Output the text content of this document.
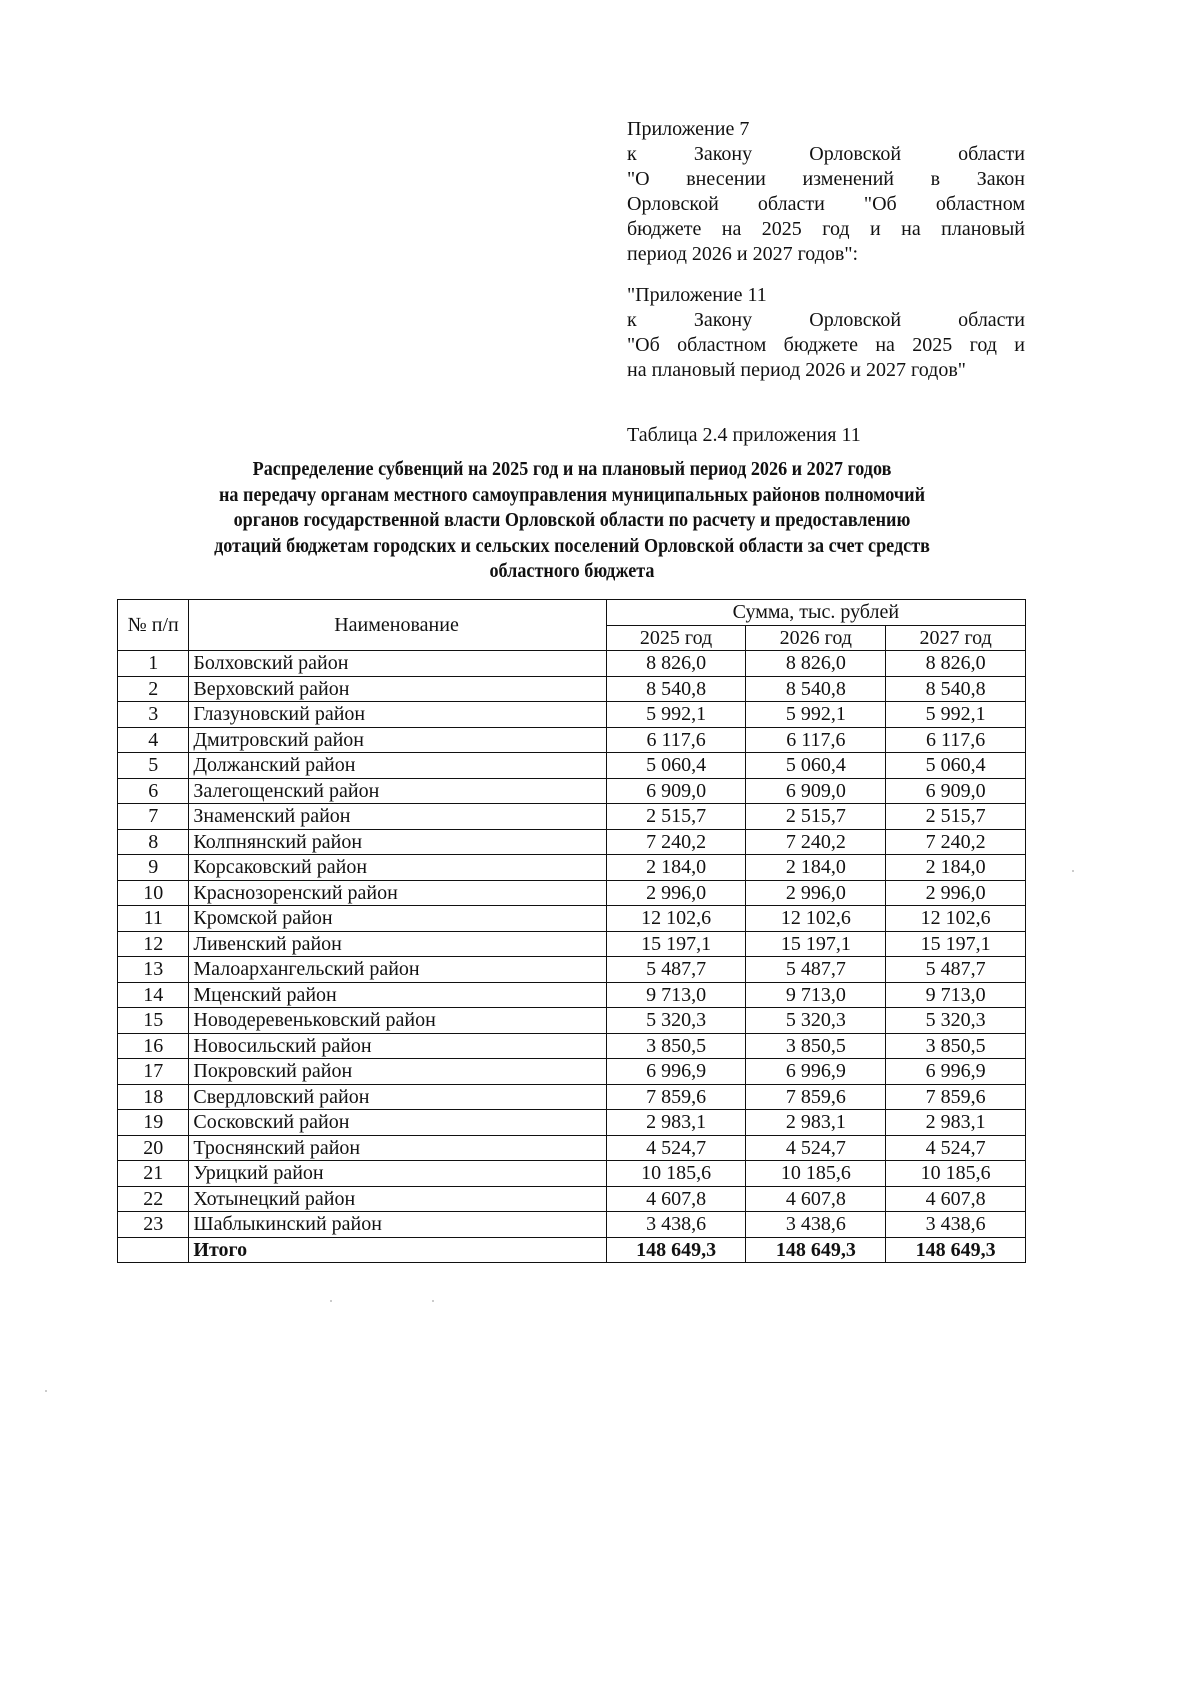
Приложение 7

к Закону Орловской области

"О внесении изменений в Закон

Орловской области "Об областном

бюджете на 2025 год и на плановый

период 2026 и 2027 годов":

"Приложение 11

к Закону Орловской области

"Об областном бюджете на 2025 год и

на плановый период 2026 и 2027 годов"

Таблица 2.4 приложения 11
Распределение субвенций на 2025 год и на плановый период 2026 и 2027 годов
на передачу органам местного самоуправления муниципальных районов полномочий
органов государственной власти Орловской области по расчету и предоставлению
дотаций бюджетам городских и сельских поселений Орловской области за счет средств
областного бюджета
№ п/п	Наименование	Сумма, тыс. рублей		
		2025 год	2026 год	2027 год
1	Болховский район	8 826,0	8 826,0	8 826,0
2	Верховский район	8 540,8	8 540,8	8 540,8
3	Глазуновский район	5 992,1	5 992,1	5 992,1
4	Дмитровский район	6 117,6	6 117,6	6 117,6
5	Должанский район	5 060,4	5 060,4	5 060,4
6	Залегощенский район	6 909,0	6 909,0	6 909,0
7	Знаменский район	2 515,7	2 515,7	2 515,7
8	Колпнянский район	7 240,2	7 240,2	7 240,2
9	Корсаковский район	2 184,0	2 184,0	2 184,0
10	Краснозоренский район	2 996,0	2 996,0	2 996,0
11	Кромской район	12 102,6	12 102,6	12 102,6
12	Ливенский район	15 197,1	15 197,1	15 197,1
13	Малоархангельский район	5 487,7	5 487,7	5 487,7
14	Мценский район	9 713,0	9 713,0	9 713,0
15	Новодеревеньковский район	5 320,3	5 320,3	5 320,3
16	Новосильский район	3 850,5	3 850,5	3 850,5
17	Покровский район	6 996,9	6 996,9	6 996,9
18	Свердловский район	7 859,6	7 859,6	7 859,6
19	Сосковский район	2 983,1	2 983,1	2 983,1
20	Троснянский район	4 524,7	4 524,7	4 524,7
21	Урицкий район	10 185,6	10 185,6	10 185,6
22	Хотынецкий район	4 607,8	4 607,8	4 607,8
23	Шаблыкинский район	3 438,6	3 438,6	3 438,6
	Итого	148 649,3	148 649,3	148 649,3
